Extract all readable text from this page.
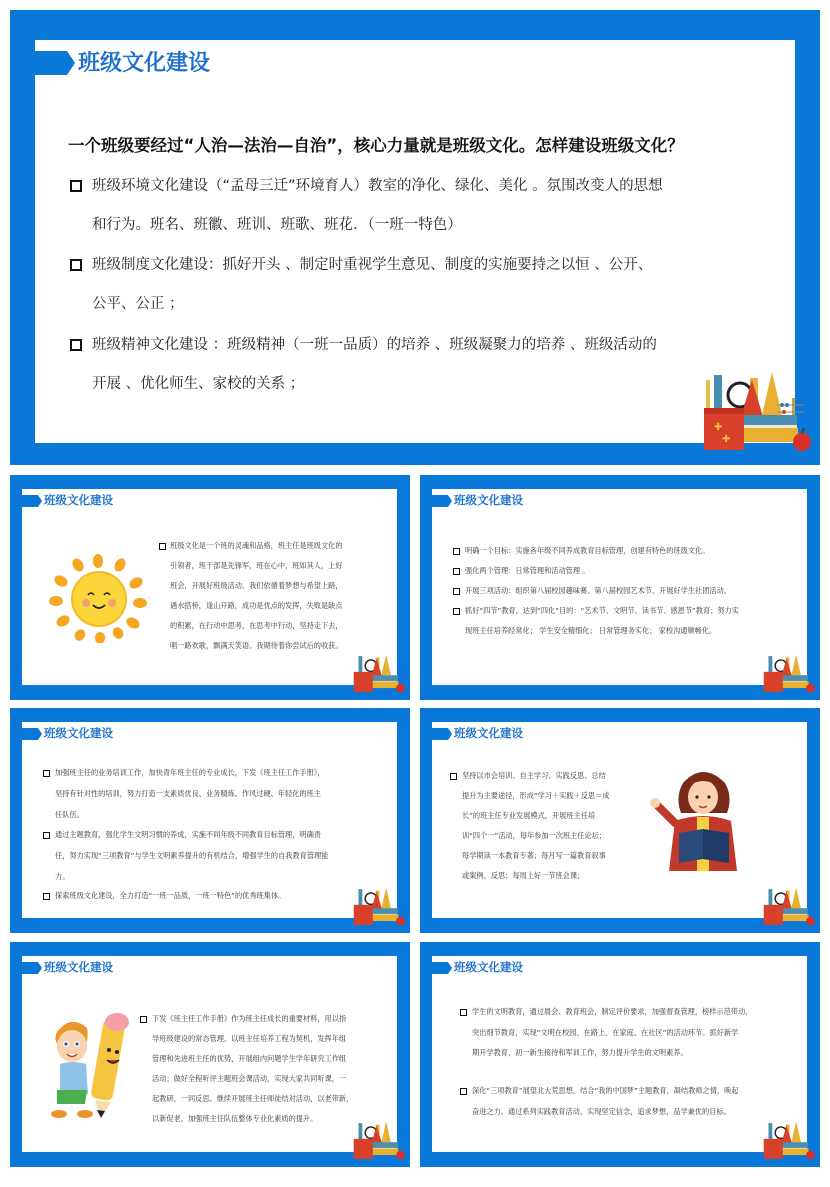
班级文化建设
一个班级要经过“人治—法治—自治”，核心力量就是班级文化。怎样建设班级文化？
班级环境文化建设（“孟母三迁”环境育人）教室的净化、绿化、美化 。氛围改变人的思想
和行为。班名、班徽、班训、班歌、班花．（一班一特色）
班级制度文化建设：抓好开头 、制定时重视学生意见、制度的实施要持之以恒 、公开、
公平、公正 ；
班级精神文化建设 ：班级精神（一班一品质）的培养 、班级凝聚力的培养 、班级活动的
开展 、优化师生、家校的关系 ；
✚
✚
班级文化建设
班级文化是一个班的灵魂和品格，班主任是班级文化的
引领者，班干部是先锋军，班在心中，班如其人，上好
班会，开展好班级活动。我们依循着梦想与希望上路，
遇水搭桥，逢山开路，成功是优点的发挥，失败是缺点
的积累，在行动中思考，在思考中行动，坚持走下去，
唱一路欢歌，飘满天笑语。我期待着你尝试后的收获。
班级文化建设
明确一个目标：实施各年级不同养成教育目标管理，创建有特色的班级文化。
强化两个管理：日常管理和活动管理 。
开展三项活动：组织第八届校园趣味赛、第八届校园艺术节、开展好学生社团活动。
抓好“四节”教育，达到“四化”目的：“艺术节、文明节、读书节、感恩节”教育；努力实
现班主任培养经常化； 学生安全精细化； 日常管理务实化； 家校沟通顺畅化。
班级文化建设
加强班主任的业务培训工作，加快青年班主任的专业成长，下发《班主任工作手册》，
坚持有针对性的培训，努力打造一支素质优良、业务精炼、作风过硬、年轻化的班主
任队伍。
通过主题教育，强化学生文明习惯的养成，实施不同年级不同教育目标管理，明确责
任，努力实现“三项教育”与学生文明素养提升的有机结合，增强学生的自我教育管理能
力。
探索班级文化建设，全力打造“一班一品质，一班一特色”的优秀班集体。
班级文化建设
坚持以市会培训、自主学习、实践反思、总结
提升为主要途径，形成“学习＋实践＋反思＝成
长”的班主任专业发展模式，开展班主任培
训“四个一”活动，每年参加一次班主任论坛；
每学期读一本教育专著；每月写一篇教育叙事
或案例、反思；每周上好一节班会课；
班级文化建设
下发《班主任工作手册》作为班主任成长的重要材料，用以指
导班级建设的常态管理。以班主任培养工程为契机，发挥年组
管理和先进班主任的优势，开展组内问题学生学年研究工作组
活动；做好全程听评主题班会课活动，实现大家共同听课，一
起教研，一同反思。继续开展班主任师徒结对活动，以老带新，
以新促老，加强班主任队伍整体专业化素质的提升。
班级文化建设
学生的文明教育，通过晨会、教育班会，制定评价要求，加强督查管理，榜样示范带动，
突出细节教育，实现“文明在校园、在路上、在家庭、在社区”的活动环节。抓好新学
期开学教育，初一新生接待和军训工作，努力提升学生的文明素养。
深化“三项教育”展望北大荒思想，结合“我的中国梦”主题教育，凝结教师之情，唤起
奋进之力。通过系列实践教育活动，实现坚定信念，追求梦想，品学兼优的目标。
